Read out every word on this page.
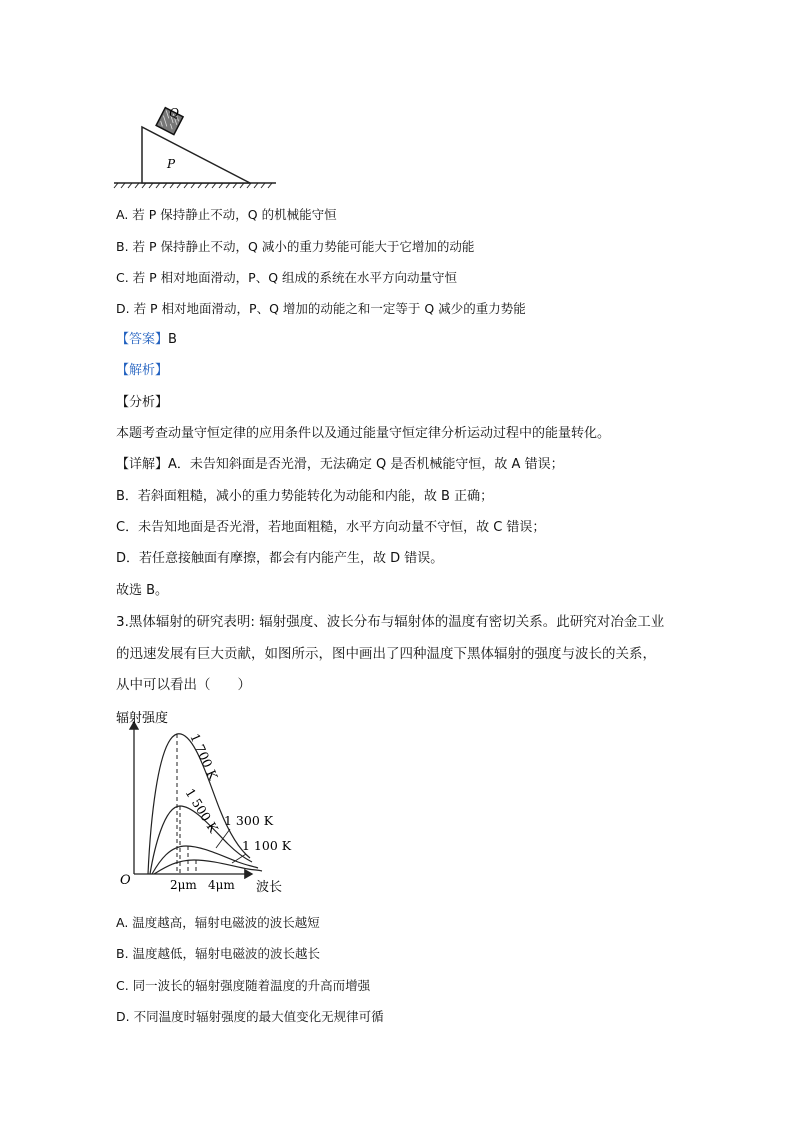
Q
P
A. 若 P 保持静止不动，Q 的机械能守恒
B. 若 P 保持静止不动，Q 减小的重力势能可能大于它增加的动能
C. 若 P 相对地面滑动，P、Q 组成的系统在水平方向动量守恒
D. 若 P 相对地面滑动，P、Q 增加的动能之和一定等于 Q 减少的重力势能
【答案】B
【解析】
【分析】
本题考查动量守恒定律的应用条件以及通过能量守恒定律分析运动过程中的能量转化。
【详解】A．未告知斜面是否光滑，无法确定 Q 是否机械能守恒，故 A 错误；
B．若斜面粗糙，减小的重力势能转化为动能和内能，故 B 正确；
C．未告知地面是否光滑，若地面粗糙，水平方向动量不守恒，故 C 错误；
D．若任意接触面有摩擦，都会有内能产生，故 D 错误。
故选 B。
3.黑体辐射的研究表明: 辐射强度、波长分布与辐射体的温度有密切关系。此研究对冶金工业
的迅速发展有巨大贡献，如图所示，图中画出了四种温度下黑体辐射的强度与波长的关系，
从中可以看出（　　）
辐射强度
波长
O	2μm 4μm
1 700 K
1 500 K 1 300 K
1 100 K
A. 温度越高，辐射电磁波的波长越短
B. 温度越低，辐射电磁波的波长越长
C. 同一波长的辐射强度随着温度的升高而增强
D. 不同温度时辐射强度的最大值变化无规律可循
